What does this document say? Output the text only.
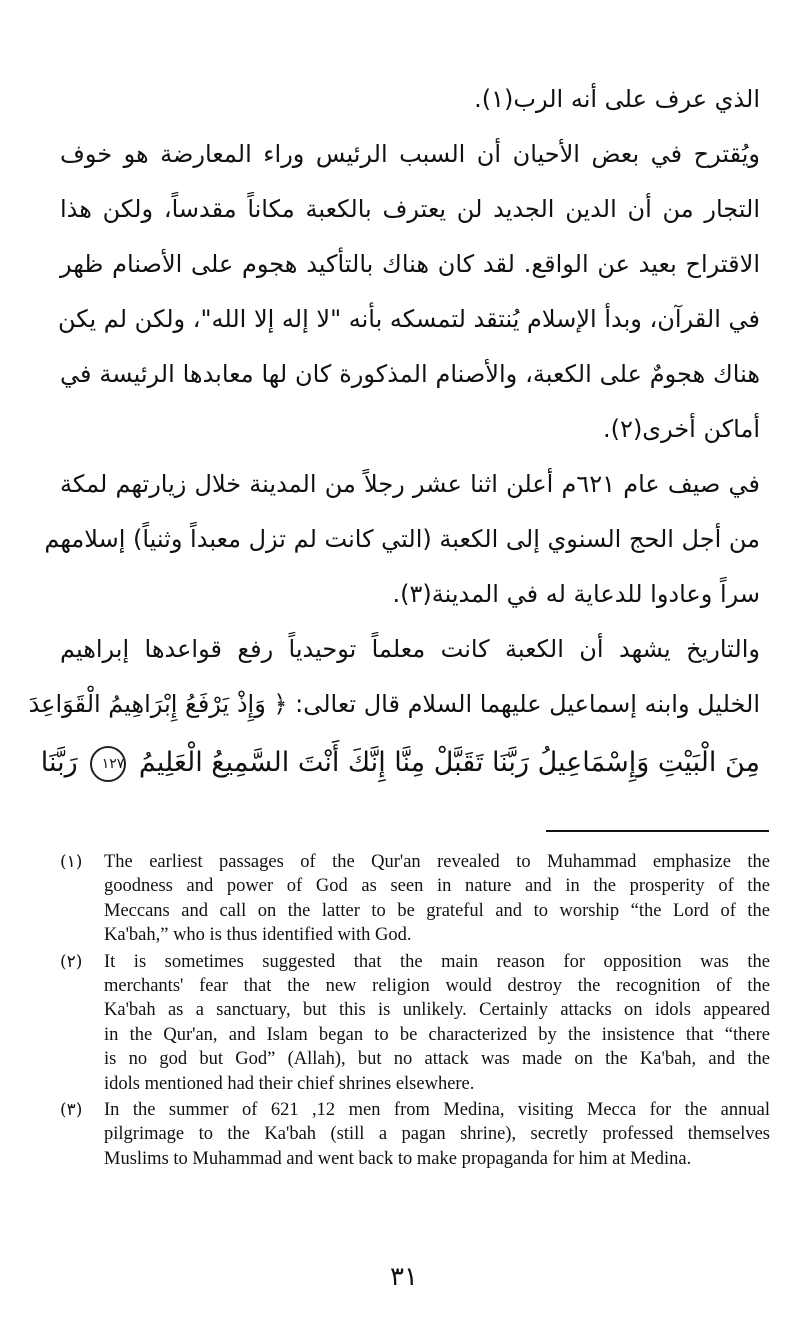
الذي عرف على أنه الرب(١).
ويُقترح في بعض الأحيان أن السبب الرئيس وراء المعارضة هو خوف
التجار من أن الدين الجديد لن يعترف بالكعبة مكاناً مقدساً، ولكن هذا
الاقتراح بعيد عن الواقع. لقد كان هناك بالتأكيد هجوم على الأصنام ظهر
في القرآن، وبدأ الإسلام يُنتقد لتمسكه بأنه "لا إله إلا الله"، ولكن لم يكن
هناك هجومٌ على الكعبة، والأصنام المذكورة كان لها معابدها الرئيسة في
أماكن أخرى(٢).
في صيف عام ٦٢١م أعلن اثنا عشر رجلاً من المدينة خلال زيارتهم لمكة
من أجل الحج السنوي إلى الكعبة (التي كانت لم تزل معبداً وثنياً) إسلامهم
سراً وعادوا للدعاية له في المدينة(٣).
والتاريخ يشهد أن الكعبة كانت معلماً توحيدياً رفع قواعدها إبراهيم
الخليل وابنه إسماعيل عليهما السلام قال تعالى: ﴿ وَإِذْ يَرْفَعُ إِبْرَاهِيمُ الْقَوَاعِدَ
مِنَ الْبَيْتِ وَإِسْمَاعِيلُ رَبَّنَا تَقَبَّلْ مِنَّا إِنَّكَ أَنْتَ السَّمِيعُ الْعَلِيمُ ١٢٧ رَبَّنَا
(١) The earliest passages of the Qur'an revealed to Muhammad emphasize the
goodness and power of God as seen in nature and in the prosperity of the
Meccans and call on the latter to be grateful and to worship “the Lord of the
Ka'bah,” who is thus identified with God.
(٢) It is sometimes suggested that the main reason for opposition was the
merchants' fear that the new religion would destroy the recognition of the
Ka'bah as a sanctuary, but this is unlikely. Certainly attacks on idols appeared
in the Qur'an, and Islam began to be characterized by the insistence that “there
is no god but God” (Allah), but no attack was made on the Ka'bah, and the
idols mentioned had their chief shrines elsewhere.
(٣) In the summer of 621 ,12 men from Medina, visiting Mecca for the annual
pilgrimage to the Ka'bah (still a pagan shrine), secretly professed themselves
Muslims to Muhammad and went back to make propaganda for him at Medina.
٣١
